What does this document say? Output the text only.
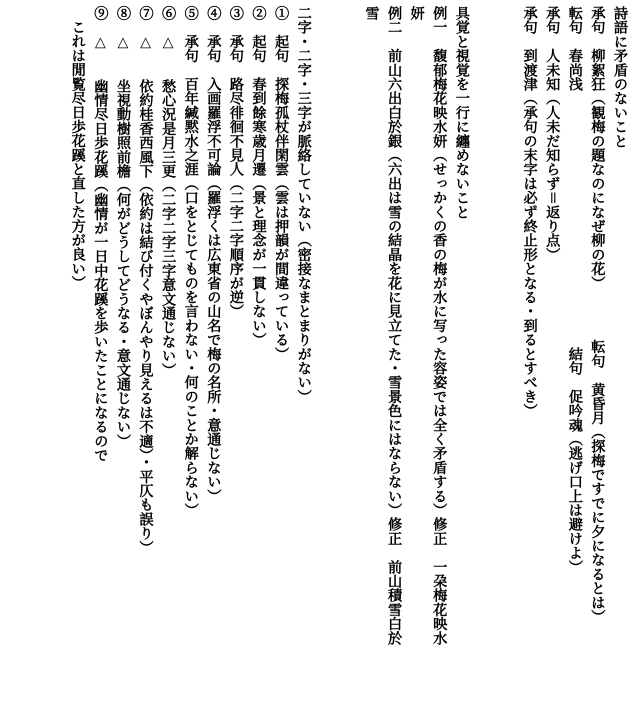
詩語に矛盾のないこと
承句　柳絮狂（観梅の題なのになぜ柳の花）　　　　転句　黄昏月（探梅ですでに夕になるとは）
転句　春尚浅　　　　　　　　　　　　　　　　　　結句　促吟魂（逃げ口上は避けよ）
承句　人未知（人未だ知らず＝返り点）
承句　到渡津（承句の末字は必ず終止形となる・到るとすべき）

具覚と視覚を一行に纏めないこと
例一　馥郁梅花映水妍（せっかくの香の梅が水に写った容姿では全く矛盾する）修正　一朶梅花映水
妍
例二　前山六出白於銀（六出は雪の結晶を花に見立てた・雪景色にはならない）修正　前山積雪白於
雪

二字・二字・三字が脈絡していない（密接なまとまりがない）
①　起句　探梅孤杖伴閑雲（雲は押韻が間違っている）
②　起句　春到餘寒歳月遷（景と理念が一貫しない）
③　承句　路尽徘徊不見人（二字二字順序が逆）
④　承句　入画羅浮不可論（羅浮くは広東省の山名で梅の名所・意通じない）
⑤　承句　百年緘黙水之涯（口をとじてものを言わない・何のことか解らない）
⑥　△　　愁心況是月三更（二字二字三字意文通じない）
⑦　△　　依約桂香西風下（依約は結び付くやぼんやり見えるは不適）・平仄も誤り）
⑧　△　　坐視動樹照前檐（何がどうしてどうなる・意文通じない）
⑨　△　　幽情尽日歩花蹊（幽情が一日中花蹊を歩いたことになるので
これは閒覧尽日歩花蹊と直した方が良い）
